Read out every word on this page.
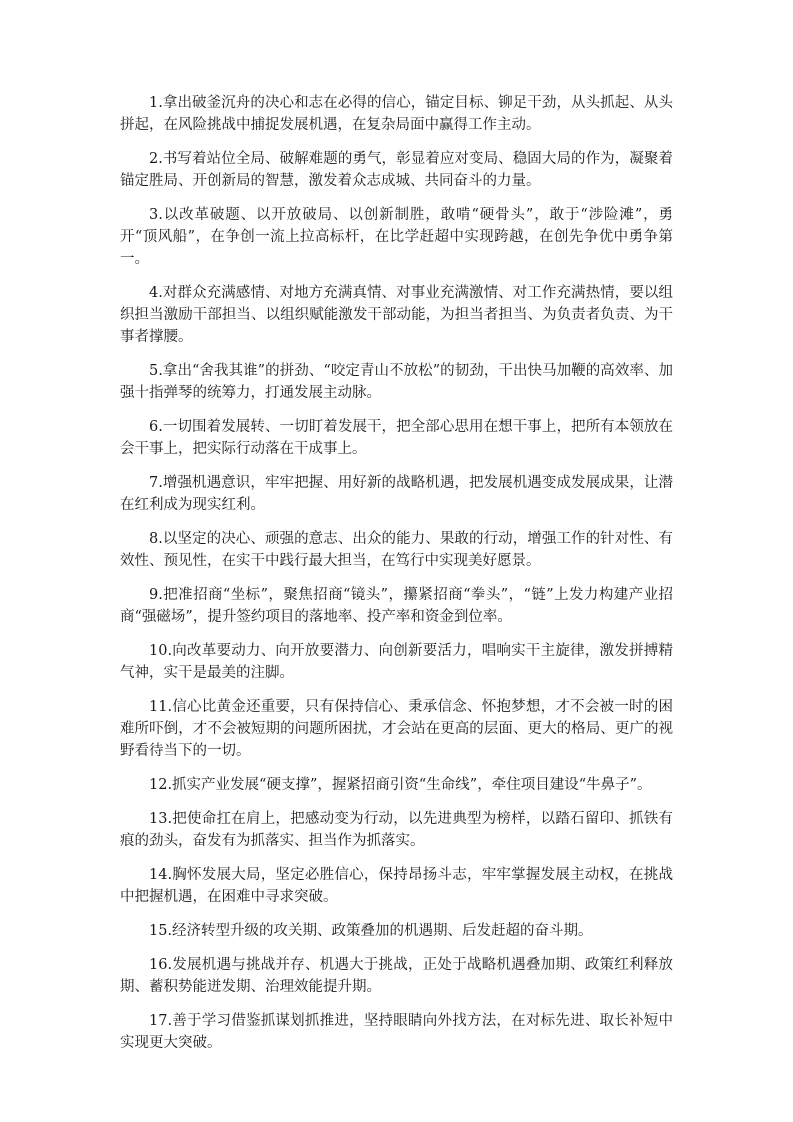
1.拿出破釜沉舟的决心和志在必得的信心，锚定目标、铆足干劲，从头抓起、从头拼起，在风险挑战中捕捉发展机遇，在复杂局面中赢得工作主动。

2.书写着站位全局、破解难题的勇气，彰显着应对变局、稳固大局的作为，凝聚着锚定胜局、开创新局的智慧，激发着众志成城、共同奋斗的力量。

3.以改革破题、以开放破局、以创新制胜，敢啃“硬骨头”，敢于“涉险滩”，勇开“顶风船”，在争创一流上拉高标杆，在比学赶超中实现跨越，在创先争优中勇争第一。

4.对群众充满感情、对地方充满真情、对事业充满激情、对工作充满热情，要以组织担当激励干部担当、以组织赋能激发干部动能，为担当者担当、为负责者负责、为干事者撑腰。

5.拿出“舍我其谁”的拼劲、“咬定青山不放松”的韧劲，干出快马加鞭的高效率、加强十指弹琴的统筹力，打通发展主动脉。

6.一切围着发展转、一切盯着发展干，把全部心思用在想干事上，把所有本领放在会干事上，把实际行动落在干成事上。

7.增强机遇意识，牢牢把握、用好新的战略机遇，把发展机遇变成发展成果，让潜在红利成为现实红利。

8.以坚定的决心、顽强的意志、出众的能力、果敢的行动，增强工作的针对性、有效性、预见性，在实干中践行最大担当，在笃行中实现美好愿景。

9.把准招商“坐标”，聚焦招商“镜头”，攥紧招商“拳头”，“链”上发力构建产业招商“强磁场”，提升签约项目的落地率、投产率和资金到位率。

10.向改革要动力、向开放要潜力、向创新要活力，唱响实干主旋律，激发拼搏精气神，实干是最美的注脚。

11.信心比黄金还重要，只有保持信心、秉承信念、怀抱梦想，才不会被一时的困难所吓倒，才不会被短期的问题所困扰，才会站在更高的层面、更大的格局、更广的视野看待当下的一切。

12.抓实产业发展“硬支撑”，握紧招商引资“生命线”，牵住项目建设“牛鼻子”。

13.把使命扛在肩上，把感动变为行动，以先进典型为榜样，以踏石留印、抓铁有痕的劲头，奋发有为抓落实、担当作为抓落实。

14.胸怀发展大局，坚定必胜信心，保持昂扬斗志，牢牢掌握发展主动权，在挑战中把握机遇，在困难中寻求突破。

15.经济转型升级的攻关期、政策叠加的机遇期、后发赶超的奋斗期。

16.发展机遇与挑战并存、机遇大于挑战，正处于战略机遇叠加期、政策红利释放期、蓄积势能迸发期、治理效能提升期。

17.善于学习借鉴抓谋划抓推进，坚持眼睛向外找方法，在对标先进、取长补短中实现更大突破。
